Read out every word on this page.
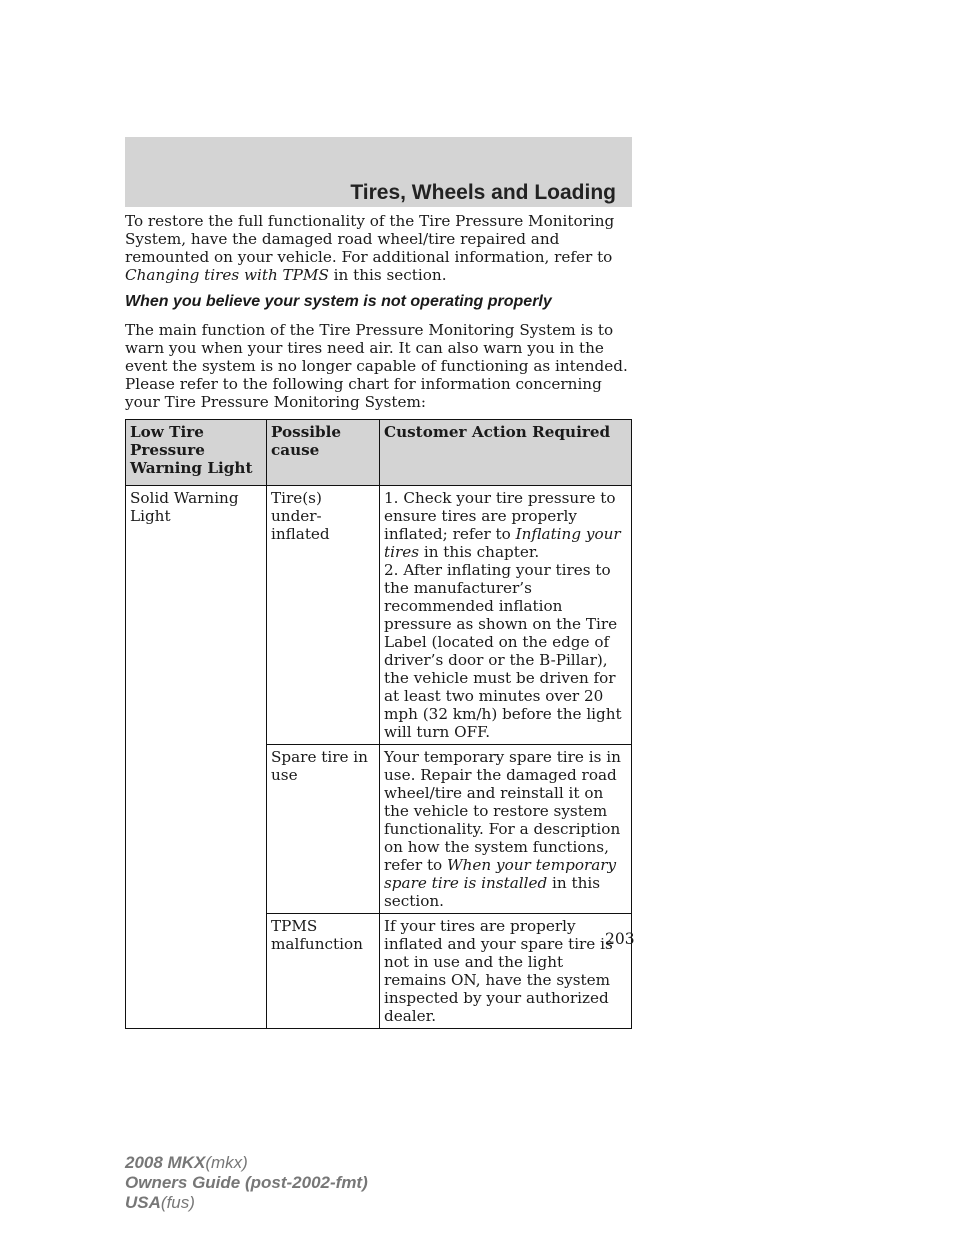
Tires, Wheels and Loading

To restore the full functionality of the Tire Pressure Monitoring System, have the damaged road wheel/tire repaired and remounted on your vehicle. For additional information, refer to Changing tires with TPMS in this section.

When you believe your system is not operating properly

The main function of the Tire Pressure Monitoring System is to warn you when your tires need air. It can also warn you in the event the system is no longer capable of functioning as intended. Please refer to the following chart for information concerning your Tire Pressure Monitoring System:

Low Tire Pressure Warning Light	Possible cause	Customer Action Required
Solid Warning Light	Tire(s) under-inflated	1. Check your tire pressure to ensure tires are properly inflated; refer to Inflating your tires in this chapter.
2. After inflating your tires to the manufacturer’s recommended inflation pressure as shown on the Tire Label (located on the edge of driver’s door or the B-Pillar), the vehicle must be driven for at least two minutes over 20 mph (32 km/h) before the light will turn OFF.
	Spare tire in use	Your temporary spare tire is in use. Repair the damaged road wheel/tire and reinstall it on the vehicle to restore system functionality. For a description on how the system functions, refer to When your temporary spare tire is installed in this section.
	TPMS malfunction	If your tires are properly inflated and your spare tire is not in use and the light remains ON, have the system inspected by your authorized dealer.
203
2008 MKX(mkx)
Owners Guide (post-2002-fmt)
USA(fus)
